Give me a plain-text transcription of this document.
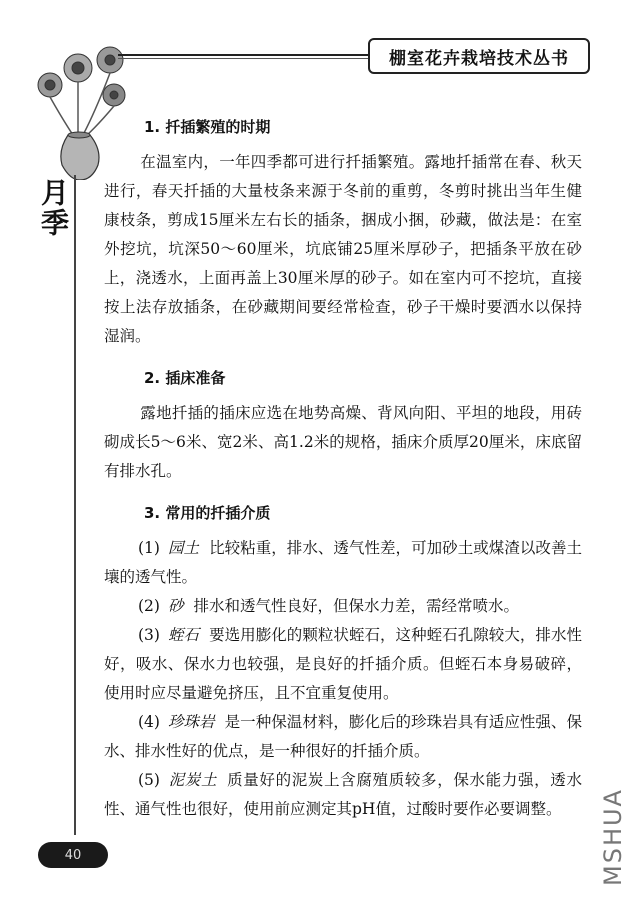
棚室花卉栽培技术丛书
月季
1. 扦插繁殖的时期

在温室内，一年四季都可进行扦插繁殖。露地扦插常在春、秋天进行，春天扦插的大量枝条来源于冬前的重剪，冬剪时挑出当年生健康枝条，剪成15厘米左右长的插条，捆成小捆，砂藏，做法是：在室外挖坑，坑深50～60厘米，坑底铺25厘米厚砂子，把插条平放在砂上，浇透水，上面再盖上30厘米厚的砂子。如在室内可不挖坑，直接按上法存放插条，在砂藏期间要经常检查，砂子干燥时要洒水以保持湿润。

2. 插床准备

露地扦插的插床应选在地势高燥、背风向阳、平坦的地段，用砖砌成长5～6米、宽2米、高1.2米的规格，插床介质厚20厘米，床底留有排水孔。

3. 常用的扦插介质

(1) 园土 比较粘重，排水、透气性差，可加砂土或煤渣以改善土壤的透气性。

(2) 砂 排水和透气性良好，但保水力差，需经常喷水。

(3) 蛭石 要选用膨化的颗粒状蛭石，这种蛭石孔隙较大，排水性好，吸水、保水力也较强，是良好的扦插介质。但蛭石本身易破碎，使用时应尽量避免挤压，且不宜重复使用。

(4) 珍珠岩 是一种保温材料，膨化后的珍珠岩具有适应性强、保水、排水性好的优点，是一种很好的扦插介质。

(5) 泥炭土 质量好的泥炭上含腐殖质较多，保水能力强，透水性、通气性也很好，使用前应测定其pH值，过酸时要作必要调整。

40	MSHUA
